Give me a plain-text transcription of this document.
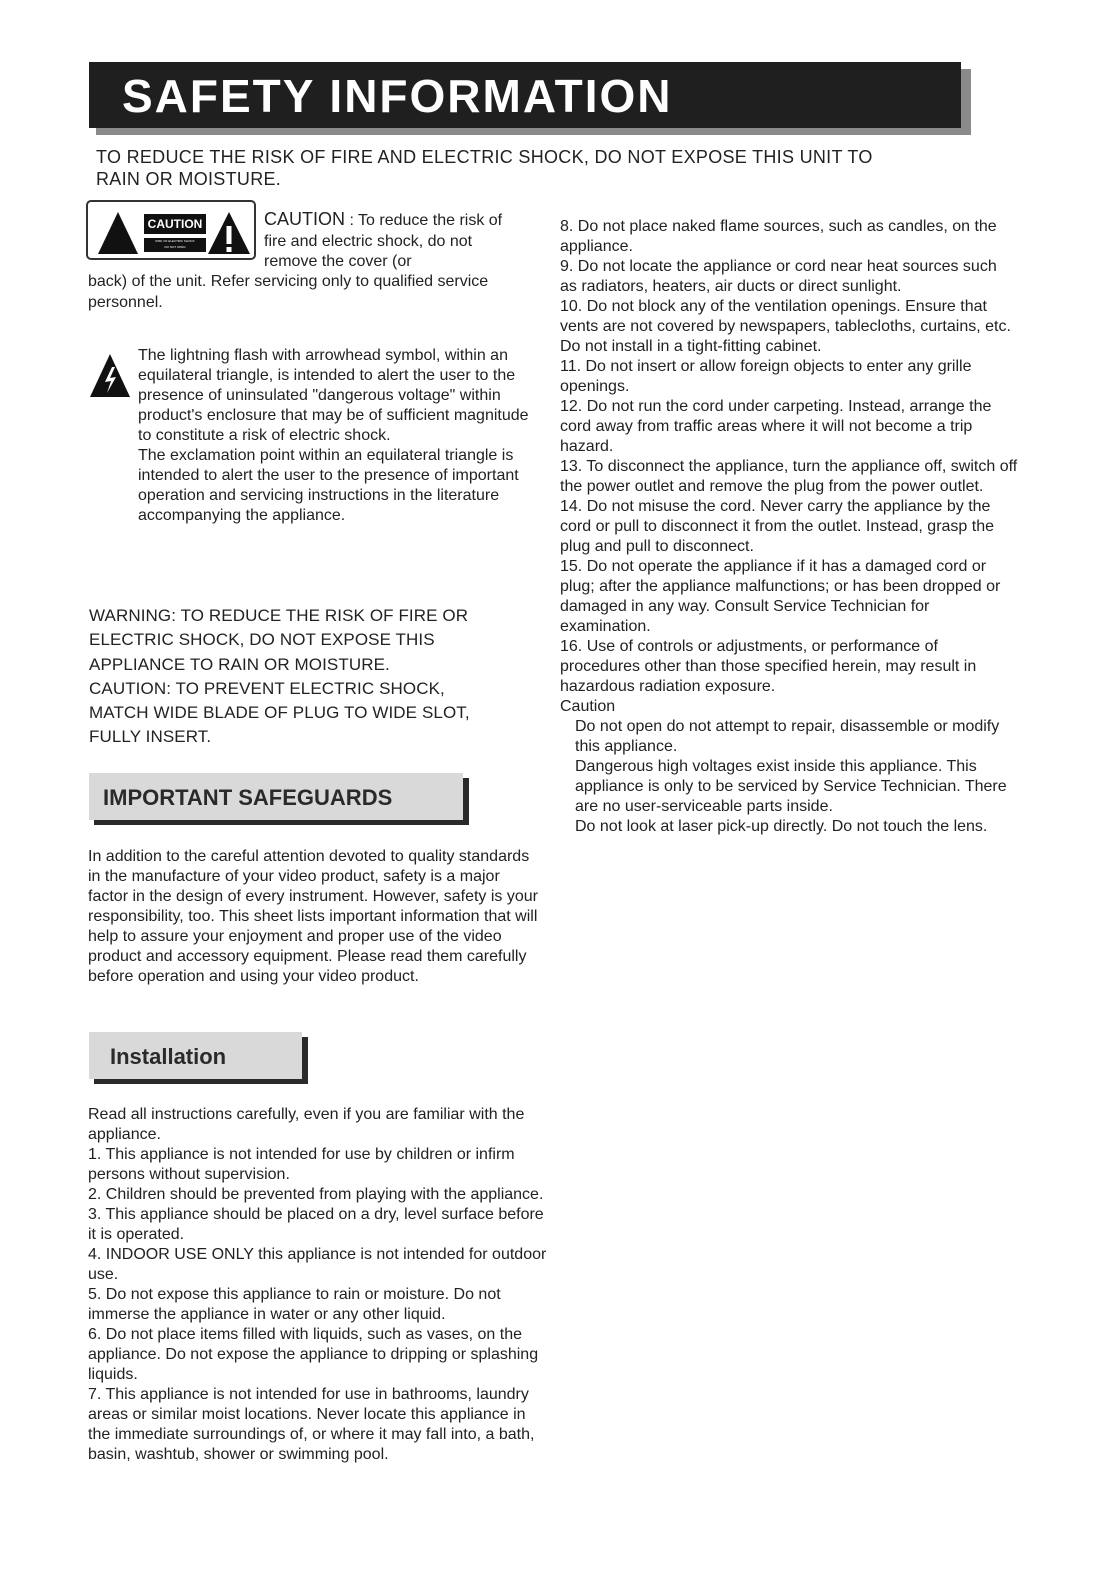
SAFETY INFORMATION
TO REDUCE THE RISK OF FIRE AND ELECTRIC SHOCK, DO NOT EXPOSE THIS UNIT TO
RAIN OR MOISTURE.
CAUTION
RISK OF ELECTRIC SHOCK
DO NOT OPEN
CAUTION : To reduce the risk of fire and electric shock, do not remove the cover (or
back) of the unit. Refer servicing only to qualified service personnel.
The lightning flash with arrowhead symbol, within an equilateral triangle, is intended to alert the user to the presence of uninsulated "dangerous voltage" within product's enclosure that may be of sufficient magnitude to constitute a risk of electric shock.
The exclamation point within an equilateral triangle is intended to alert the user to the presence of important operation and servicing instructions in the literature accompanying the appliance.
WARNING: TO REDUCE THE RISK OF FIRE OR
ELECTRIC SHOCK, DO NOT EXPOSE THIS
APPLIANCE TO RAIN OR MOISTURE.
CAUTION: TO PREVENT ELECTRIC SHOCK,
MATCH WIDE BLADE OF PLUG TO WIDE SLOT,
FULLY INSERT.
IMPORTANT SAFEGUARDS
In addition to the careful attention devoted to quality standards in the manufacture of your video product, safety is a major factor in the design of every instrument. However, safety is your responsibility, too. This sheet lists important information that will help to assure your enjoyment and proper use of the video product and accessory equipment. Please read them carefully before operation and using your video product.
Installation

Read all instructions carefully, even if you are familiar with the appliance.

1. This appliance is not intended for use by children or infirm persons without supervision.

2. Children should be prevented from playing with the appliance.

3. This appliance should be placed on a dry, level surface before it is operated.

4. INDOOR USE ONLY this appliance is not intended for outdoor use.

5. Do not expose this appliance to rain or moisture. Do not immerse the appliance in water or any other liquid.

6. Do not place items filled with liquids, such as vases, on the appliance. Do not expose the appliance to dripping or splashing liquids.

7. This appliance is not intended for use in bathrooms, laundry areas or similar moist locations. Never locate this appliance in the immediate surroundings of, or where it may fall into, a bath, basin, washtub, shower or swimming pool.

8. Do not place naked flame sources, such as candles, on the appliance.

9. Do not locate the appliance or cord near heat sources such as radiators, heaters, air ducts or direct sunlight.

10. Do not block any of the ventilation openings. Ensure that vents are not covered by newspapers, tablecloths, curtains, etc. Do not install in a tight-fitting cabinet.

11. Do not insert or allow foreign objects to enter any grille openings.

12. Do not run the cord under carpeting. Instead, arrange the cord away from traffic areas where it will not become a trip hazard.

13. To disconnect the appliance, turn the appliance off, switch off the power outlet and remove the plug from the power outlet.

14. Do not misuse the cord. Never carry the appliance by the cord or pull to disconnect it from the outlet. Instead, grasp the plug and pull to disconnect.

15. Do not operate the appliance if it has a damaged cord or plug; after the appliance malfunctions; or has been dropped or damaged in any way. Consult Service Technician for examination.

16. Use of controls or adjustments, or performance of procedures other than those specified herein, may result in hazardous radiation exposure.

Caution

Do not open do not attempt to repair, disassemble or modify this appliance.

Dangerous high voltages exist inside this appliance. This appliance is only to be serviced by Service Technician. There are no user-serviceable parts inside.

Do not look at laser pick-up directly. Do not touch the lens.
